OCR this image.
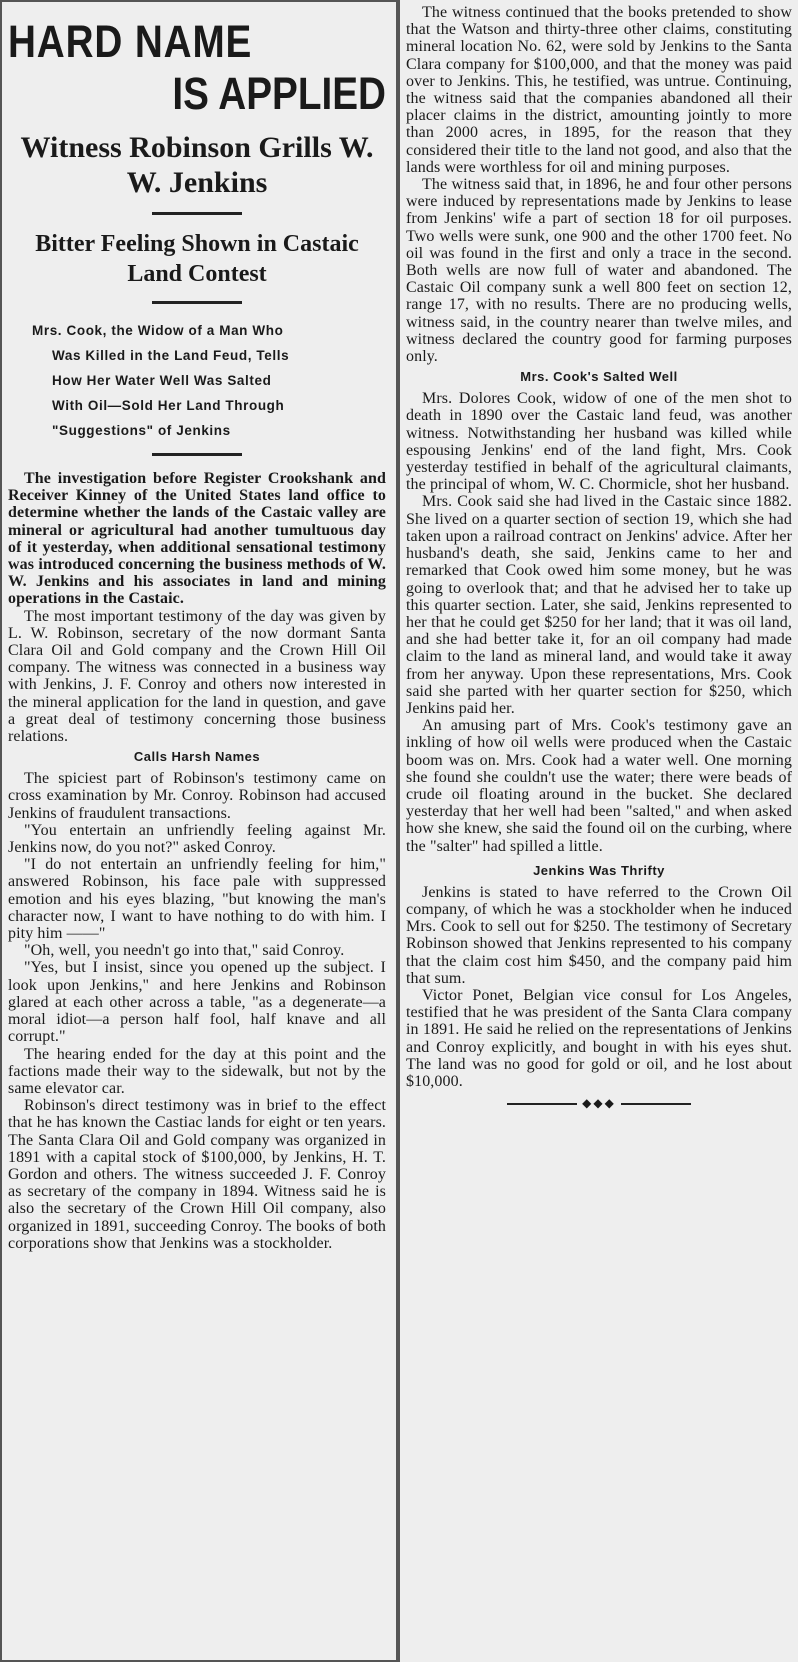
HARD NAME
IS APPLIED
Witness Robinson Grills W. W. Jenkins
Bitter Feeling Shown in Castaic Land Contest
Mrs. Cook, the Widow of a Man Who
Was Killed in the Land Feud, Tells
How Her Water Well Was Salted
With Oil—Sold Her Land Through
"Suggestions" of Jenkins

The investigation before Register Crookshank and Receiver Kinney of the United States land office to determine whether the lands of the Castaic valley are mineral or agricultural had another tumultuous day of it yesterday, when additional sensational testimony was introduced concerning the business methods of W. W. Jenkins and his associates in land and mining operations in the Castaic.

The most important testimony of the day was given by L. W. Robinson, secretary of the now dormant Santa Clara Oil and Gold company and the Crown Hill Oil company. The witness was connected in a business way with Jenkins, J. F. Conroy and others now interested in the mineral application for the land in question, and gave a great deal of testimony concerning those business relations.

Calls Harsh Names

The spiciest part of Robinson's testimony came on cross examination by Mr. Conroy. Robinson had accused Jenkins of fraudulent transactions.

"You entertain an unfriendly feeling against Mr. Jenkins now, do you not?" asked Conroy.

"I do not entertain an unfriendly feeling for him," answered Robinson, his face pale with suppressed emotion and his eyes blazing, "but knowing the man's character now, I want to have nothing to do with him. I pity him ——"

"Oh, well, you needn't go into that," said Conroy.

"Yes, but I insist, since you opened up the subject. I look upon Jenkins," and here Jenkins and Robinson glared at each other across a table, "as a degenerate—a moral idiot—a person half fool, half knave and all corrupt."

The hearing ended for the day at this point and the factions made their way to the sidewalk, but not by the same elevator car.

Robinson's direct testimony was in brief to the effect that he has known the Castiac lands for eight or ten years. The Santa Clara Oil and Gold company was organized in 1891 with a capital stock of $100,000, by Jenkins, H. T. Gordon and others. The witness succeeded J. F. Conroy as secretary of the company in 1894. Witness said he is also the secretary of the Crown Hill Oil company, also organized in 1891, succeeding Conroy. The books of both corporations show that Jenkins was a stockholder.

The witness continued that the books pretended to show that the Watson and thirty-three other claims, constituting mineral location No. 62, were sold by Jenkins to the Santa Clara company for $100,000, and that the money was paid over to Jenkins. This, he testified, was untrue. Continuing, the witness said that the companies abandoned all their placer claims in the district, amounting jointly to more than 2000 acres, in 1895, for the reason that they considered their title to the land not good, and also that the lands were worthless for oil and mining purposes.

The witness said that, in 1896, he and four other persons were induced by representations made by Jenkins to lease from Jenkins' wife a part of section 18 for oil purposes. Two wells were sunk, one 900 and the other 1700 feet. No oil was found in the first and only a trace in the second. Both wells are now full of water and abandoned. The Castaic Oil company sunk a well 800 feet on section 12, range 17, with no results. There are no producing wells, witness said, in the country nearer than twelve miles, and witness declared the country good for farming purposes only.

Mrs. Cook's Salted Well

Mrs. Dolores Cook, widow of one of the men shot to death in 1890 over the Castaic land feud, was another witness. Notwithstanding her husband was killed while espousing Jenkins' end of the land fight, Mrs. Cook yesterday testified in behalf of the agricultural claimants, the principal of whom, W. C. Chormicle, shot her husband.

Mrs. Cook said she had lived in the Castaic since 1882. She lived on a quarter section of section 19, which she had taken upon a railroad contract on Jenkins' advice. After her husband's death, she said, Jenkins came to her and remarked that Cook owed him some money, but he was going to overlook that; and that he advised her to take up this quarter section. Later, she said, Jenkins represented to her that he could get $250 for her land; that it was oil land, and she had better take it, for an oil company had made claim to the land as mineral land, and would take it away from her anyway. Upon these representations, Mrs. Cook said she parted with her quarter section for $250, which Jenkins paid her.

An amusing part of Mrs. Cook's testimony gave an inkling of how oil wells were produced when the Castaic boom was on. Mrs. Cook had a water well. One morning she found she couldn't use the water; there were beads of crude oil floating around in the bucket. She declared yesterday that her well had been "salted," and when asked how she knew, she said the found oil on the curbing, where the "salter" had spilled a little.

Jenkins Was Thrifty

Jenkins is stated to have referred to the Crown Oil company, of which he was a stockholder when he induced Mrs. Cook to sell out for $250. The testimony of Secretary Robinson showed that Jenkins represented to his company that the claim cost him $450, and the company paid him that sum.

Victor Ponet, Belgian vice consul for Los Angeles, testified that he was president of the Santa Clara company in 1891. He said he relied on the representations of Jenkins and Conroy explicitly, and bought in with his eyes shut. The land was no good for gold or oil, and he lost about $10,000.

◆◆◆
